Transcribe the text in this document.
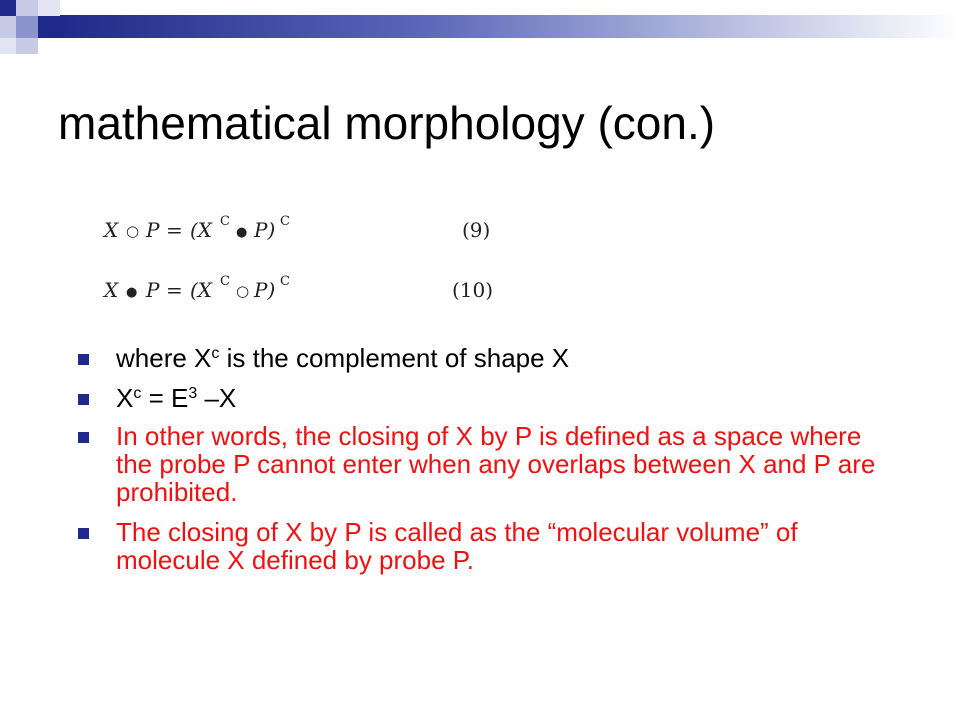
mathematical morphology (con.)
X ○ P = (X C
● P) C	(9)
X ● P = (X C
○ P) C	(10)
where $X^c$ is the complement of shape X
$X^c = E^3$ –X
In other words, the closing of X by P is defined as a space where the probe P cannot enter when any overlaps between X and P are prohibited.
The closing of X by P is called as the “molecular volume” of molecule X defined by probe P.
